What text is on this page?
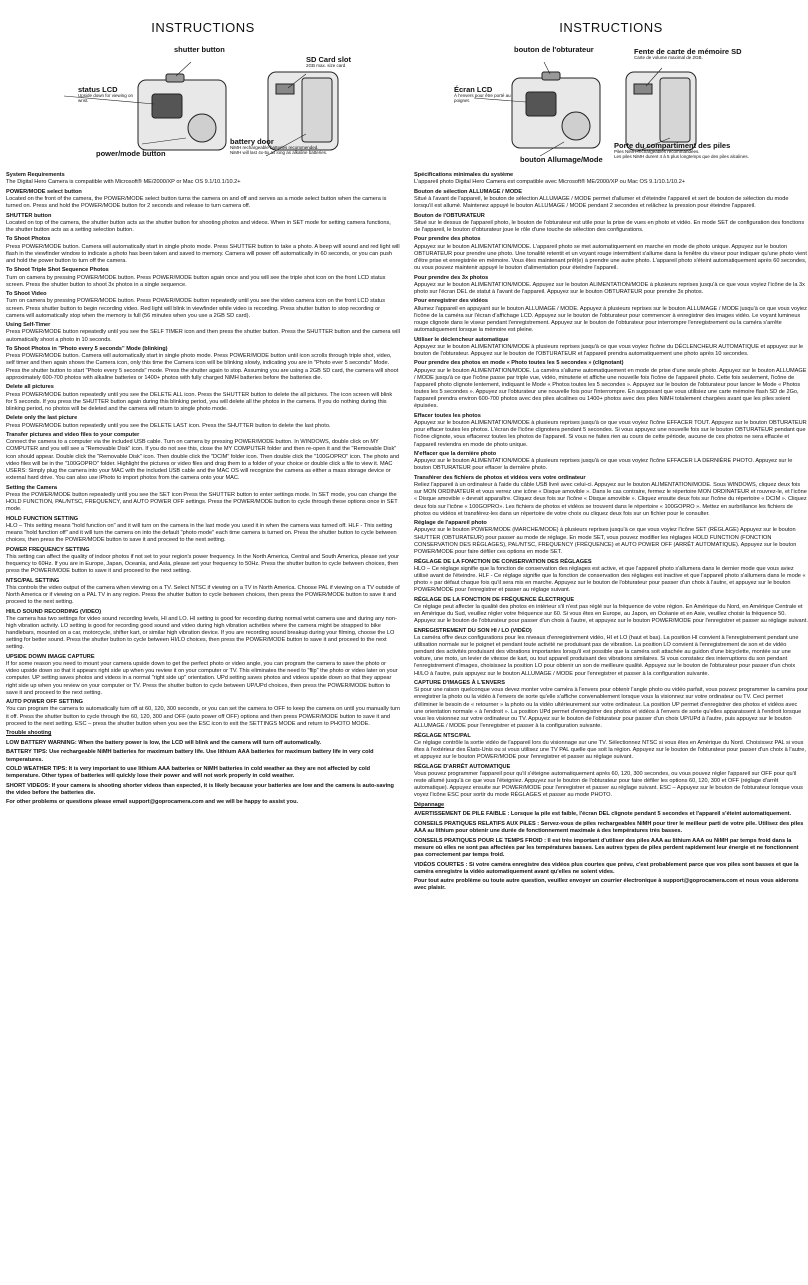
INSTRUCTIONS
shutter button
status LCD
Upside down for viewing on wrist.
power/mode button
SD Card slot
2GB max. size card
battery door
NiMH rechargeable batteries recommended.
NiMH will last 4x-5x as long as alkaline batteries.

System Requirements
The Digital Hero Camera is compatible with Microsoft® ME/2000/XP or Mac OS 9.1/10.1/10.2+

POWER/MODE select button
Located on the front of the camera, the POWER/MODE select button turns the camera on and off and serves as a mode select button when the camera is turned on. Press and hold the POWER/MODE button for 2 seconds and release to turn camera off.

SHUTTER button
Located on top of the camera, the shutter button acts as the shutter button for shooting photos and videos. When in SET mode for setting camera functions, the shutter button acts as a setting selection button.

To Shoot Photos
Press POWER/MODE button. Camera will automatically start in single photo mode. Press SHUTTER button to take a photo. A beep will sound and red light will flash in the viewfinder window to indicate a photo has been taken and saved to memory. Camera will power off automatically in 60 seconds, or you can push and hold the power button to turn off the camera.

To Shoot Triple Shot Sequence Photos
Turn on camera by pressing POWER/MODE button. Press POWER/MODE button again once and you will see the triple shot icon on the front LCD status screen. Press the shutter button to shoot 3x photos in a single sequence.

To Shoot Video
Turn on camera by pressing POWER/MODE button. Press POWER/MODE button repeatedly until you see the video camera icon on the front LCD status screen. Press shutter button to begin recording video. Red light will blink in viewfinder while video is recording. Press shutter button to stop recording or camera will automatically stop when the memory is full (56 minutes when you use a 2GB SD card).

Using Self-Timer
Press POWER/MODE button repeatedly until you see the SELF TIMER icon and then press the shutter button. Press the SHUTTER button and the camera will automatically shoot a photo in 10 seconds.

To Shoot Photos in "Photo every 5 seconds" Mode (blinking)
Press POWER/MODE button. Camera will automatically start in single photo mode. Press POWER/MODE button until icon scrolls through triple shot, video, self timer and then again shows the Camera icon, only this time the Camera icon will be blinking slowly, indicating you are in "Photo ever 5 seconds" Mode. Press the shutter button to start "Photo every 5 seconds" mode. Press the shutter again to stop. Assuming you are using a 2GB SD card, the camera will shoot approximately 600-700 photos with alkaline batteries or 1400+ photos with fully charged NiMH batteries before the batteries die.

Delete all pictures
Press POWER/MODE button repeatedly until you see the DELETE ALL icon. Press the SHUTTER button to delete the all pictures. The icon screen will blink for 5 seconds. If you press the SHUTTER button again during this blinking period, you will delete all the photos in the camera. If you do nothing during this blinking period, no photos will be deleted and the camera will return to single photo mode.

Delete only the last picture
Press POWER/MODE button repeatedly until you see the DELETE LAST icon. Press the SHUTTER button to delete the last photo.

Transfer pictures and video files to your computer
Connect the camera to a computer via the included USB cable. Turn on camera by pressing POWER/MODE button. In WINDOWS, double click on MY COMPUTER and you will see a "Removable Disk" icon. If you do not see this, close the MY COMPUTER folder and then re-open it and the "Removable Disk" icon should appear. Double click the "Removable Disk" icon. Then double click the "DCIM" folder icon. Then double click the "100GOPRO" icon. The photo and video files will be in the "100GOPRO" folder. Highlight the pictures or video files and drag them to a folder of your choice or double click a file to view it. MAC USERS: Simply plug the camera into your MAC with the included USB cable and the MAC OS will recognize the camera as either a mass storage device or external hard drive. You can also use iPhoto to import photos from the camera onto your MAC.

Setting the Camera
Press the POWER/MODE button repeatedly until you see the SET icon Press the SHUTTER button to enter settings mode. In SET mode, you can change the HOLD FUNCTION, PAL/NTSC, FREQUENCY, and AUTO POWER OFF settings. Press the POWER/MODE button to cycle through these options once in SET mode.

HOLD FUNCTION SETTING
HLO – This setting means "hold function on" and it will turn on the camera in the last mode you used it in when the camera was turned off. HLF - This setting means "hold function off" and it will turn the camera on into the default "photo mode" each time camera is turned on. Press the shutter button to cycle between choices, then press the POWER/MODE button to save it and proceed to the next setting.

POWER FREQUENCY SETTING
This setting can affect the quality of indoor photos if not set to your region's power frequency. In the North America, Central and South America, please set your frequency to 60Hz. If you are in Europe, Japan, Oceania, and Asia, please set your frequency to 50Hz. Press the shutter button to cycle between choices, then press the POWER/MODE button to save it and proceed to the next setting.

NTSC/PAL SETTING
This controls the video output of the camera when viewing on a TV. Select NTSC if viewing on a TV in North America. Choose PAL if viewing on a TV outside of North America or if viewing on a PAL TV in any region. Press the shutter button to cycle between choices, then press the POWER/MODE button to save it and proceed to the next setting.

HI/LO SOUND RECORDING (VIDEO)
The camera has two settings for video sound recording levels, HI and LO. HI setting is good for recording during normal wrist camera use and during any non-high vibration activity. LO setting is good for recording good sound and video during high vibration activities where the camera might be strapped to bike handlebars, mounted on a car, motorcycle, shifter kart, or similar high vibration device. If you are recording sound breakup during your filming, choose the LO setting for better sound. Press the shutter button to cycle between HI/LO choices, then press the POWER/MODE button to save it and proceed to the next setting.

UPSIDE DOWN IMAGE CAPTURE
If for some reason you need to mount your camera upside down to get the perfect photo or video angle, you can program the camera to save the photo or video upside down so that it appears right side up when you review it on your computer or TV. This eliminates the need to "flip" the photo or video later on your computer. UP setting saves photos and videos in a normal "right side up" orientation. UPd setting saves photos and videos upside down so that they appear right side up when you review on your computer or TV. Press the shutter button to cycle between UP/UPd choices, then press the POWER/MODE button to save it and proceed to the next setting.

AUTO POWER OFF SETTING
You can program the camera to automatically turn off at 60, 120, 300 seconds, or you can set the camera to OFF to keep the camera on until you manually turn it off. Press the shutter button to cycle through the 60, 120, 300 and OFF (auto power off OFF) options and then press POWER/MODE button to save it and proceed to the next setting. ESC – press the shutter button when you see the ESC icon to exit the SETTINGS MODE and return to PHOTO MODE.

Trouble shooting

LOW BATTERY WARNING: When the battery power is low, the LCD will blink and the camera will turn off automatically.

BATTERY TIPS: Use rechargeable NiMH batteries for maximum battery life. Use lithium AAA batteries for maximum battery life in very cold temperatures.

COLD WEATHER TIPS: It is very important to use lithium AAA batteries or NiMH batteries in cold weather as they are not affected by cold temperature. Other types of batteries will quickly lose their power and will not work properly in cold weather.

SHORT VIDEOS: If your camera is shooting shorter videos than expected, it is likely because your batteries are low and the camera is auto-saving the video before the batteries die.

For other problems or questions please email support@goprocamera.com and we will be happy to assist you.

INSTRUCTIONS
bouton de l'obturateur
Écran LCD
À l'envers pour être porté au poignet.
bouton Allumage/Mode
Fente de carte de mémoire SD
Carte de volume maximal de 2GB.
Porte du compartiment des piles
Piles NiMH rechargeables recommandées.
Les piles NiMH durent 4 à 5 plus longtemps que des piles alcalines.

Spécifications minimales du système
L'appareil photo Digital Hero Camera est compatible avec Microsoft® ME/2000/XP ou Mac OS 9.1/10.1/10.2+

Bouton de sélection ALLUMAGE / MODE
Situé à l'avant de l'appareil, le bouton de sélection ALLUMAGE / MODE permet d'allumer et d'éteindre l'appareil et sert de bouton de sélection du mode lorsqu'il est allumé. Maintenez appuyé le bouton ALLUMAGE / MODE pendant 2 secondes et relâchez la pression pour éteindre l'appareil.

Bouton de l'OBTURATEUR
Situé sur le dessus de l'appareil photo, le bouton de l'obturateur est utile pour la prise de vues en photo et vidéo. En mode SET de configuration des fonctions de l'appareil, le bouton d'obturateur joue le rôle d'une touche de sélection des configurations.

Pour prendre des photos
Appuyez sur le bouton ALIMENTATION/MODE. L'appareil photo se met automatiquement en marche en mode de photo unique. Appuyez sur le bouton OBTURATEUR pour prendre une photo. Une tonalité retentit et un voyant rouge intermittent s'allume dans la fenêtre du viseur pour indiquer qu'une photo vient d'être prise et enregistrée en mémoire. Vous êtes maintenant prêt(e) à prendre une autre photo. L'appareil photo s'éteint automatiquement après 60 secondes, ou vous pouvez maintenir appuyé le bouton d'alimentation pour éteindre l'appareil.

Pour prendre des 3x photos
Appuyez sur le bouton ALIMENTATION/MODE. Appuyez sur le bouton ALIMENTATION/MODE à plusieurs reprises jusqu'à ce que vous voyiez l'icône de la 3x photo sur l'écran DEL de statut à l'avant de l'appareil. Appuyez sur le bouton OBTURATEUR pour prendre 3x photos.

Pour enregistrer des vidéos
Allumez l'appareil en appuyant sur le bouton ALLUMAGE / MODE. Appuyez à plusieurs reprises sur le bouton ALLUMAGE / MODE jusqu'à ce que vous voyiez l'icône de la caméra sur l'écran d'affichage LCD. Appuyez sur le bouton de l'obturateur pour commencer à enregistrer des images vidéo. Le voyant lumineux rouge clignote dans le viseur pendant l'enregistrement. Appuyez sur le bouton de l'obturateur pour interrompre l'enregistrement ou la caméra s'arrête automatiquement lorsque la mémoire est pleine.

Utiliser le déclencheur automatique
Appuyez sur le bouton ALIMENTATION/MODE à plusieurs reprises jusqu'à ce que vous voyiez l'icône du DÉCLENCHEUR AUTOMATIQUE et appuyez sur le bouton de l'obturateur. Appuyez sur le bouton de l'OBTURATEUR et l'appareil prendra automatiquement une photo après 10 secondes.

Pour prendre des photos en mode « Photo toutes les 5 secondes » (clignotant)
Appuyez sur le bouton ALIMENTATION/MODE. La caméra s'allume automatiquement en mode de prise d'une seule photo. Appuyez sur le bouton ALLUMAGE / MODE jusqu'à ce que l'icône passe par triple vue, vidéo, minuterie et affiche une nouvelle fois l'icône de l'appareil photo. Cette fois seulement, l'icône de l'appareil photo clignote lentement, indiquant le Mode « Photos toutes les 5 secondes ». Appuyez sur le bouton de l'obturateur pour lancer le Mode « Photos toutes les 5 secondes ». Appuyez sur l'obturateur une nouvelle fois pour l'interrompre. En supposant que vous utilisiez une carte mémoire flash SD de 2Go, l'appareil prendra environ 600-700 photos avec des piles alcalines ou 1400+ photos avec des piles NiMH totalement chargées avant que les piles soient épuisées.

Effacer toutes les photos
Appuyez sur le bouton ALIMENTATION/MODE à plusieurs reprises jusqu'à ce que vous voyiez l'icône EFFACER TOUT. Appuyez sur le bouton OBTURATEUR pour effacer toutes les photos. L'écran de l'icône clignotera pendant 5 secondes. Si vous appuyez une nouvelle fois sur le bouton OBTURATEUR pendant que l'icône clignote, vous effacerez toutes les photos de l'appareil. Si vous ne faites rien au cours de cette période, aucune de ces photos ne sera effacée et l'appareil reviendra en mode de photo unique.

N'effacer que la dernière photo
Appuyez sur le bouton ALIMENTATION/MODE à plusieurs reprises jusqu'à ce que vous voyiez l'icône EFFACER LA DERNIÈRE PHOTO. Appuyez sur le bouton OBTURATEUR pour effacer la dernière photo.

Transférer des fichiers de photos et vidéos vers votre ordinateur
Reliez l'appareil à un ordinateur à l'aide du câble USB livré avec celui-ci. Appuyez sur le bouton ALIMENTATION/MODE. Sous WINDOWS, cliquez deux fois sur MON ORDINATEUR et vous verrez une icône « Disque amovible ». Dans le cas contraire, fermez le répertoire MON ORDINATEUR et rouvrez-le, et l'icône « Disque amovible » devrait apparaître. Cliquez deux fois sur l'icône « Disque amovible ». Cliquez ensuite deux fois sur l'icône du répertoire « DCIM ». Cliquez deux fois sur l'icône « 100GOPRO». Les fichiers de photos et vidéos se trouvent dans le répertoire « 100GOPRO ». Mettez en surbrillance les fichiers de photos ou vidéos et transférez-les dans un répertoire de votre choix ou cliquez deux fois sur un fichier pour le consulter.

Réglage de l'appareil photo
Appuyez sur le bouton POWER/MODE (MARCHE/MODE) à plusieurs reprises jusqu'à ce que vous voyiez l'icône SET (RÉGLAGE) Appuyez sur le bouton SHUTTER (OBTURATEUR) pour passer au mode de réglage. En mode SET, vous pouvez modifier les réglages HOLD FUNCTION (FONCTION CONSERVATION DES RÉGLAGES), PAL/NTSC, FREQUENCY (FRÉQUENCE) et AUTO POWER OFF (ARRÊT AUTOMATIQUE). Appuyez sur le bouton POWER/MODE pour faire défiler ces options en mode SET.

RÉGLAGE DE LA FONCTION DE CONSERVATION DES RÉGLAGES
HLO – Ce réglage signifie que la fonction de conservation des réglages est active, et que l'appareil photo s'allumera dans le dernier mode que vous aviez utilisé avant de l'éteindre. HLF - Ce réglage signifie que la fonction de conservation des réglages est inactive et que l'appareil photo s'allumera dans le mode « photo » par défaut chaque fois qu'il sera mis en marche. Appuyez sur le bouton de l'obturateur pour passer d'un choix à l'autre, et appuyez sur le bouton POWER/MODE pour l'enregistrer et passer au réglage suivant.

RÉGLAGE DE LA FONCTION DE FRÉQUENCE ÉLECTRIQUE
Ce réglage peut affecter la qualité des photos en intérieur s'il n'est pas réglé sur la fréquence de votre région. En Amérique du Nord, en Amérique Centrale et en Amérique du Sud, veuillez régler votre fréquence sur 60. Si vous êtes en Europe, au Japon, en Océanie et en Asie, veuillez choisir la fréquence 50. Appuyez sur le bouton de l'obturateur pour passer d'un choix à l'autre, et appuyez sur le bouton POWER/MODE pour l'enregistrer et passer au réglage suivant.

ENREGISTREMENT DU SON HI / LO (VIDÉO)
La caméra offre deux configurations pour les niveaux d'enregistrement vidéo, HI et LO (haut et bas). La position HI convient à l'enregistrement pendant une utilisation normale sur le poignet et pendant toute activité ne produisant pas de vibration. La position LO convient à l'enregistrement de son et de vidéo pendant des activités produisant des vibrations importantes lorsqu'il est possible que la caméra soit attachée au guidon d'une bicyclette, montée sur une voiture, une moto, un levier de vitesse de kart, ou tout appareil produisant des vibrations similaires. Si vous constatez des interruptions du son pendant l'enregistrement d'images, choisissez la position LO pour obtenir un son de meilleure qualité. Appuyez sur le bouton de l'obturateur pour passer d'un choix HI/LO à l'autre, puis appuyez sur le bouton ALLUMAGE / MODE pour l'enregistrer et passer à la configuration suivante.

CAPTURE D'IMAGES À L'ENVERS
Si pour une raison quelconque vous devez monter votre caméra à l'envers pour obtenir l'angle photo ou vidéo parfait, vous pouvez programmer la caméra pour enregistrer la photo ou la vidéo à l'envers de sorte qu'elle s'affiche convenablement lorsque vous la visionnez sur votre ordinateur ou TV. Ceci permet d'éliminer le besoin de « retourner » la photo ou la vidéo ultérieurement sur votre ordinateur. La position UP permet d'enregistrer des photos et vidéos avec une orientation normale « à l'endroit ». La position UPd permet d'enregistrer des photos et vidéos à l'envers de sorte qu'elles apparaissent à l'endroit lorsque vous les visionnez sur votre ordinateur ou TV. Appuyez sur le bouton de l'obturateur pour passer d'un choix UP/UPd à l'autre, puis appuyez sur le bouton ALLUMAGE / MODE pour l'enregistrer et passer à la configuration suivante.

RÉGLAGE NTSC/PAL
Ce réglage contrôle la sortie vidéo de l'appareil lors du visionnage sur une TV. Sélectionnez NTSC si vous êtes en Amérique du Nord. Choisissez PAL si vous êtes à l'extérieur des États-Unis ou si vous utilisez une TV PAL quelle que soit la région. Appuyez sur le bouton de l'obturateur pour passer d'un choix à l'autre, et appuyez sur le bouton POWER/MODE pour l'enregistrer et passer au réglage suivant.

RÉGLAGE D'ARRÊT AUTOMATIQUE
Vous pouvez programmer l'appareil pour qu'il s'éteigne automatiquement après 60, 120, 300 secondes, ou vous pouvez régler l'appareil sur OFF pour qu'il reste allumé jusqu'à ce que vous l'éteigniez. Appuyez sur le bouton de l'obturateur pour faire défiler les options 60, 120, 300 et OFF (réglage d'arrêt automatique). Appuyez ensuite sur POWER/MODE pour l'enregistrer et passer au réglage suivant. ESC – Appuyez sur le bouton de l'obturateur lorsque vous voyez l'icône ESC pour sortir du mode RÉGLAGES et passer au mode PHOTO.

Dépannage

AVERTISSEMENT DE PILE FAIBLE : Lorsque la pile est faible, l'écran DEL clignote pendant 5 secondes et l'appareil s'éteint automatiquement.

CONSEILS PRATIQUES RELATIFS AUX PILES : Servez-vous de piles rechargeables NiMH pour tirer le meilleur parti de votre pile. Utilisez des piles AAA au lithium pour obtenir une durée de fonctionnement maximale à des températures très basses.

CONSEILS PRATIQUES POUR LE TEMPS FROID : Il est très important d'utiliser des piles AAA au lithium AAA ou NiMH par temps froid dans la mesure où elles ne sont pas affectées par les températures basses. Les autres types de piles perdent rapidement leur énergie et ne fonctionnent pas correctement par temps froid.

VIDÉOS COURTES : Si votre caméra enregistre des vidéos plus courtes que prévu, c'est probablement parce que vos piles sont basses et que la caméra enregistre la vidéo automatiquement avant qu'elles ne soient vides.

Pour tout autre problème ou toute autre question, veuillez envoyer un courrier électronique à support@goprocamera.com et nous vous aiderons avec plaisir.
